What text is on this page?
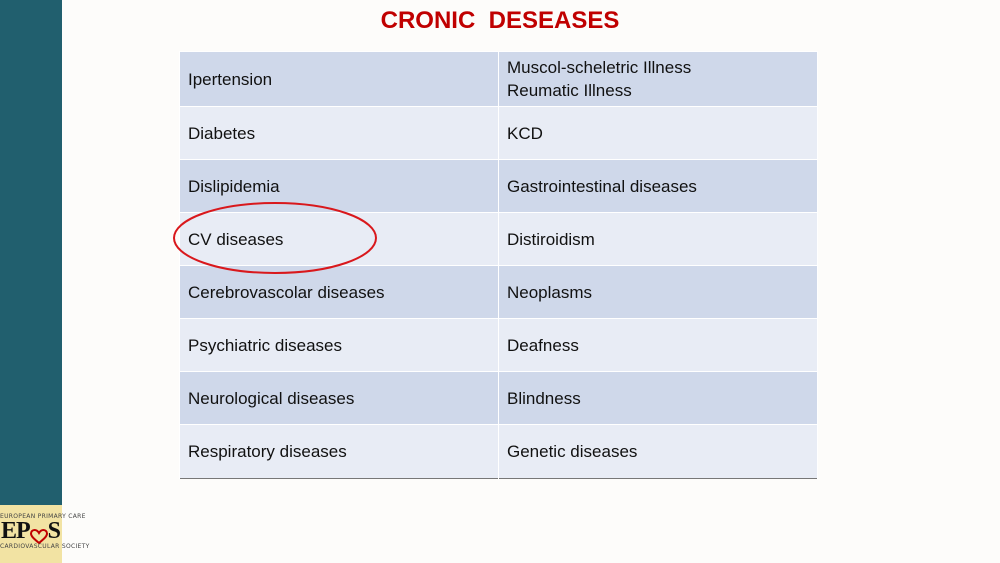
EUROPEAN PRIMARY CARE
EP S
CARDIOVASCULAR SOCIETY
CRONIC  DESEASES
Ipertension	Muscol-scheletric Illness
Reumatic Illness

Diabetes	KCD

Dislipidemia	Gastrointestinal diseases

CV diseases	Distiroidism

Cerebrovascolar diseases	Neoplasms

Psychiatric diseases	Deafness

Neurological diseases	Blindness

Respiratory diseases	Genetic diseases
